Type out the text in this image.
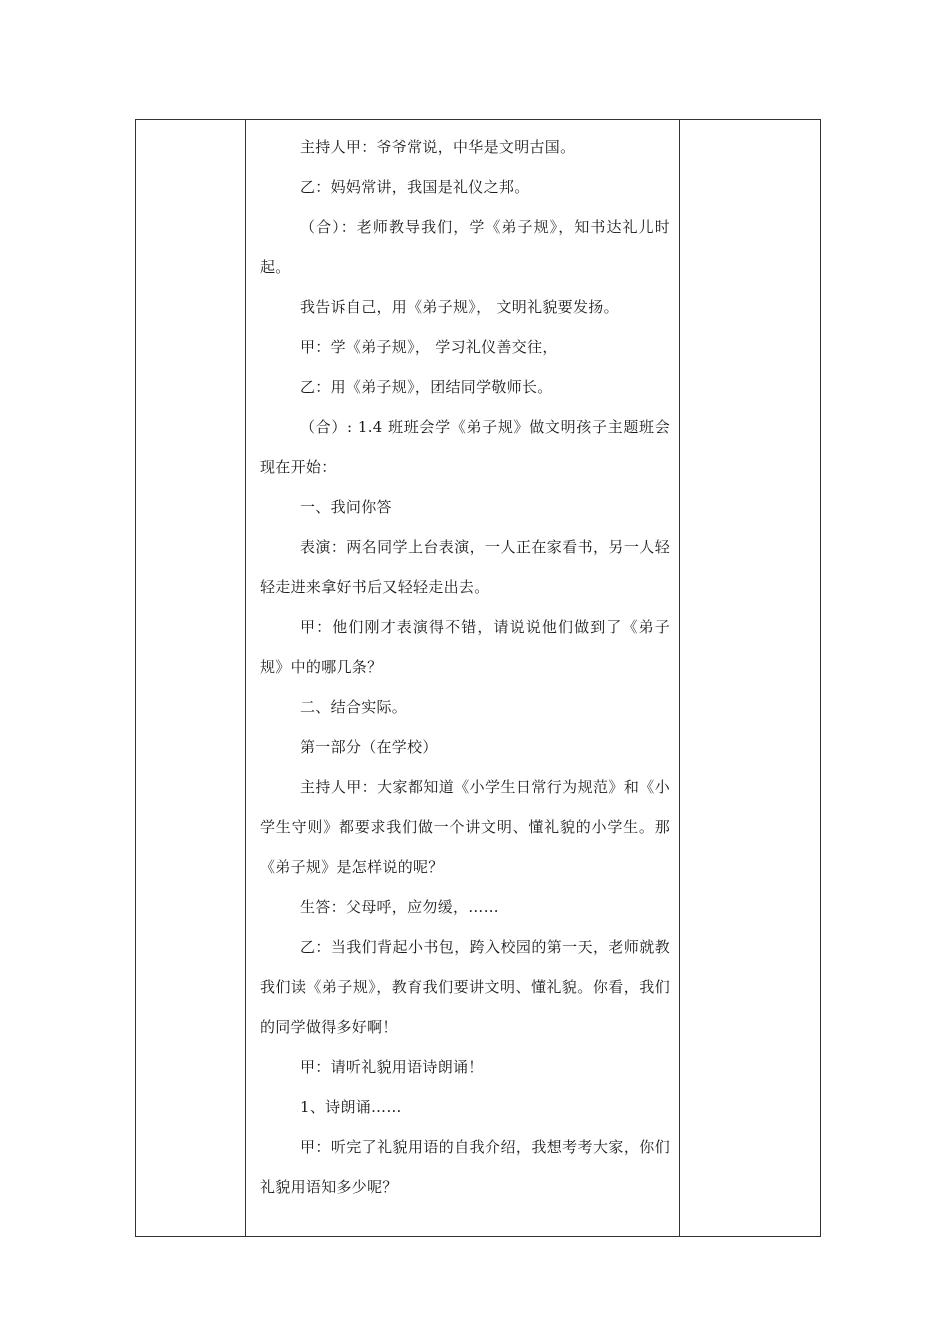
主持人甲：爷爷常说，中华是文明古国。

乙：妈妈常讲，我国是礼仪之邦。

（合）：老师教导我们，学《弟子规》，知书达礼儿时起。

我告诉自己，用《弟子规》， 文明礼貌要发扬。

甲：学《弟子规》， 学习礼仪善交往，

乙：用《弟子规》，团结同学敬师长。

（合）: 1.4 班班会学《弟子规》做文明孩子主题班会现在开始：

一、我问你答

表演：两名同学上台表演，一人正在家看书，另一人轻轻走进来拿好书后又轻轻走出去。

甲：他们刚才表演得不错，请说说他们做到了《弟子规》中的哪几条？

二、结合实际。

第一部分（在学校）

主持人甲：大家都知道《小学生日常行为规范》和《小学生守则》都要求我们做一个讲文明、懂礼貌的小学生。那《弟子规》是怎样说的呢？

生答：父母呼，应勿缓，……

乙：当我们背起小书包，跨入校园的第一天，老师就教我们读《弟子规》，教育我们要讲文明、懂礼貌。你看，我们的同学做得多好啊！

甲：请听礼貌用语诗朗诵！

1、诗朗诵……

甲：听完了礼貌用语的自我介绍，我想考考大家，你们礼貌用语知多少呢？
